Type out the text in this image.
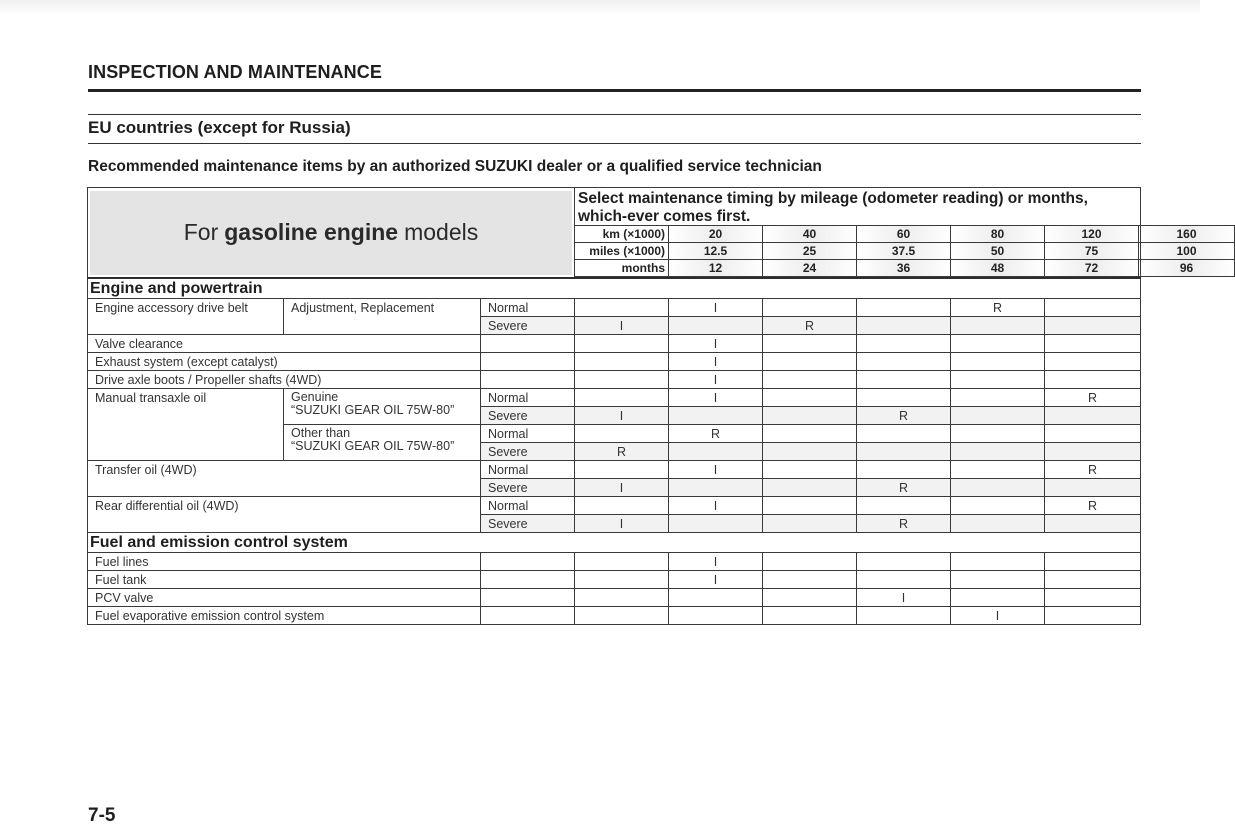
INSPECTION AND MAINTENANCE
EU countries (except for Russia)
Recommended maintenance items by an authorized SUZUKI dealer or a qualified service technician
For gasoline engine models

Select maintenance timing by mileage (odometer reading) or months, which-ever comes first.
km (×1000)	20	40	60	80	120	160
miles (×1000)	12.5	25	37.5	50	75	100
months	12	24	36	48	72	96

Engine and powertrain
Engine accessory drive belt	Adjustment, Replacement	Normal		I			R	
Severe	I		R			
Valve clearance			I				
Exhaust system (except catalyst)			I				
Drive axle boots / Propeller shafts (4WD)			I				
Manual transaxle oil	Genuine
“SUZUKI GEAR OIL 75W-80”
	Normal		I				R
Severe	I			R		

Other than
“SUZUKI GEAR OIL 75W-80”
	Normal		R				
Severe	R					
Transfer oil (4WD)	Normal		I				R
Severe	I			R		
Rear differential oil (4WD)	Normal		I				R
Severe	I			R		
Fuel and emission control system
Fuel lines			I				
Fuel tank			I				
PCV valve					I		
Fuel evaporative emission control system						I	
7-5
